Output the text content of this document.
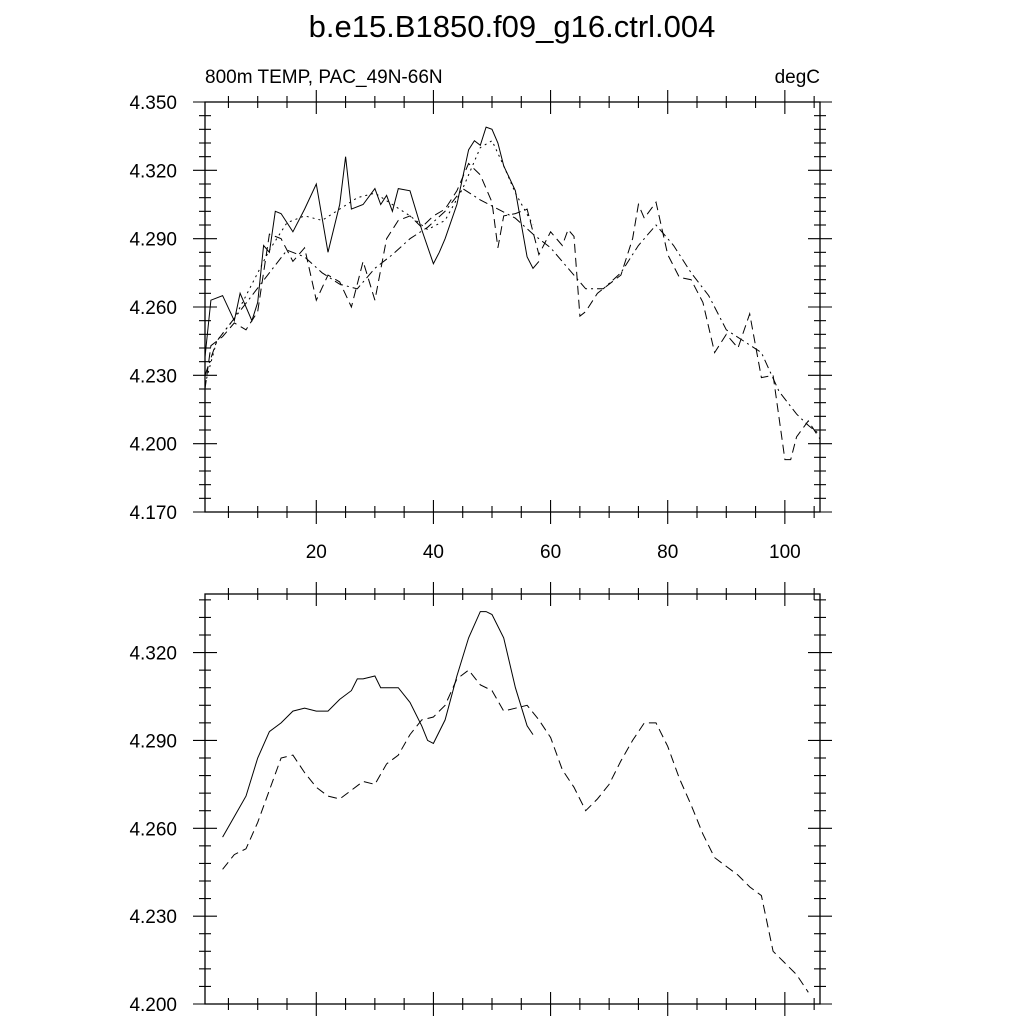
b.e15.B1850.f09_g16.ctrl.004
800m TEMP, PAC_49N-66N	degC
4.170
4.200
4.230
4.260
4.290
4.320
4.350
20	40	60	80	100
4.200
4.230
4.260
4.290
4.320
